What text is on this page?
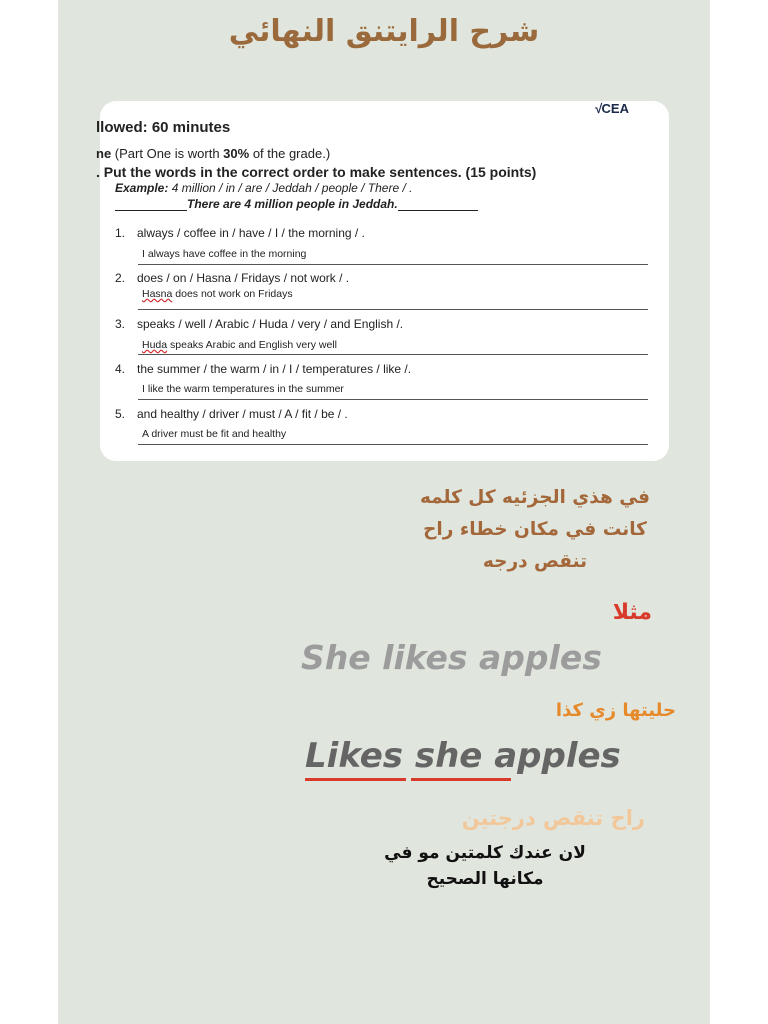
شرح الرايتنق النهائي
√CEA
llowed: 60 minutes
ne (Part One is worth 30% of the grade.)
. Put the words in the correct order to make sentences. (15 points)
Example: 4 million / in / are / Jeddah / people / There / .
There are 4 million people in Jeddah.
1. always / coffee in / have / I / the morning / .
I always have coffee in the morning
2. does / on / Hasna / Fridays / not work / .
Hasna does not work on Fridays
3. speaks / well / Arabic / Huda / very / and English /.
Huda speaks Arabic and English very well
4. the summer / the warm / in / I / temperatures / like /.
I like the warm temperatures in the summer
5. and healthy / driver / must / A / fit / be / .
A driver must be fit and healthy
في هذي الجزئيه كل كلمه
كانت في مكان خطاء راح
تنقص درجه
مثلا
She likes apples
حليتها زي كذا
Likes she apples
راح تنقص درجتين
لان عندك كلمتين مو في
مكانها الصحيح
